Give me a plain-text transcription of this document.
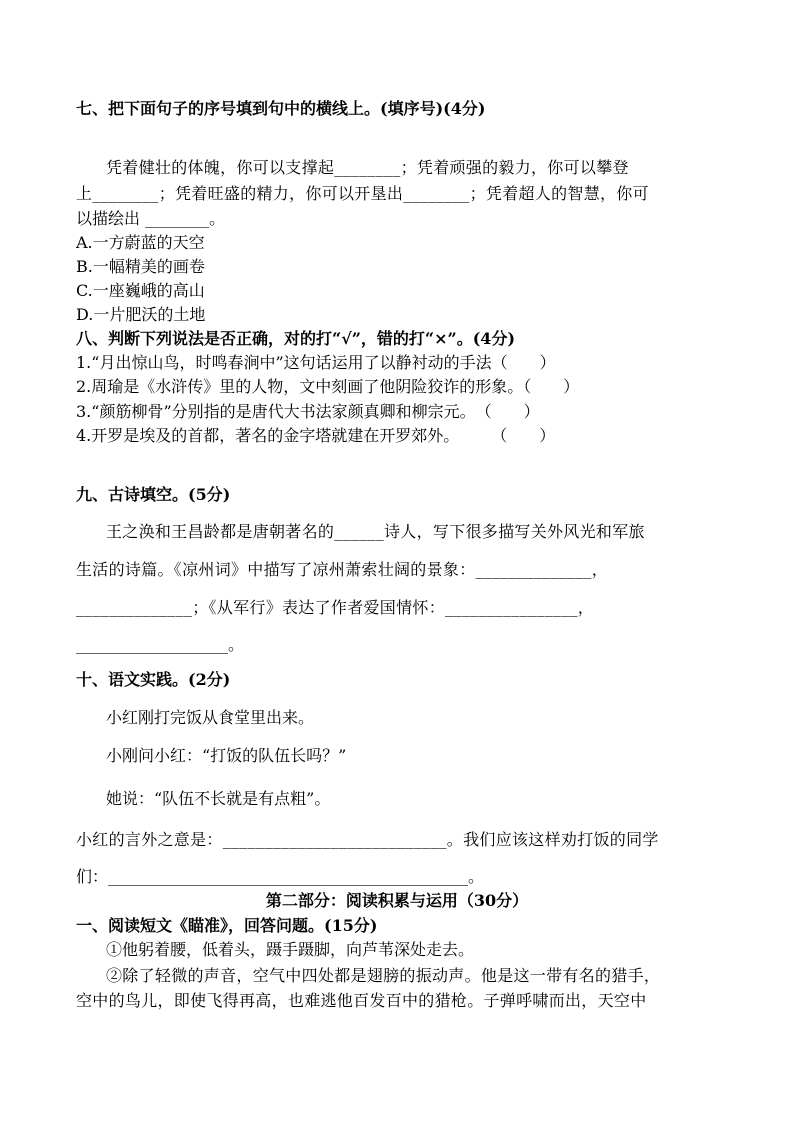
七、把下面句子的序号填到句中的横线上。(填序号)(4分)
凭着健壮的体魄，你可以支撑起________；凭着顽强的毅力，你可以攀登
上________；凭着旺盛的精力，你可以开垦出________；凭着超人的智慧，你可
以描绘出 ________。
A.一方蔚蓝的天空
B.一幅精美的画卷
C.一座巍峨的高山
D.一片肥沃的土地
八、判断下列说法是否正确，对的打“√”，错的打“×”。(4分)
1.“月出惊山鸟，时鸣春涧中”这句话运用了以静衬动的手法（　　）
2.周瑜是《水浒传》里的人物，文中刻画了他阴险狡诈的形象。（　　）
3.“颜筋柳骨”分别指的是唐代大书法家颜真卿和柳宗元。　（　　）
4.开罗是埃及的首都，著名的金字塔就建在开罗郊外。　　　（　　）
九、古诗填空。(5分)
王之涣和王昌龄都是唐朝著名的______诗人，写下很多描写关外风光和军旅
生活的诗篇。《凉州词》中描写了凉州萧索壮阔的景象：______________，
______________；《从军行》表达了作者爱国情怀：________________，
___________________。
十、语文实践。(2分)
小红刚打完饭从食堂里出来。
小刚问小红：“打饭的队伍长吗？”
她说：“队伍不长就是有点粗”。
小红的言外之意是：___________________________。我们应该这样劝打饭的同学
们：_____________________________________________。
第二部分：阅读积累与运用（30分）
一、阅读短文《瞄准》，回答问题。(15分)
①他躬着腰，低着头，蹑手蹑脚，向芦苇深处走去。
②除了轻微的声音，空气中四处都是翅膀的振动声。他是这一带有名的猎手，
空中的鸟儿，即使飞得再高，也难逃他百发百中的猎枪。子弹呼啸而出，天空中
